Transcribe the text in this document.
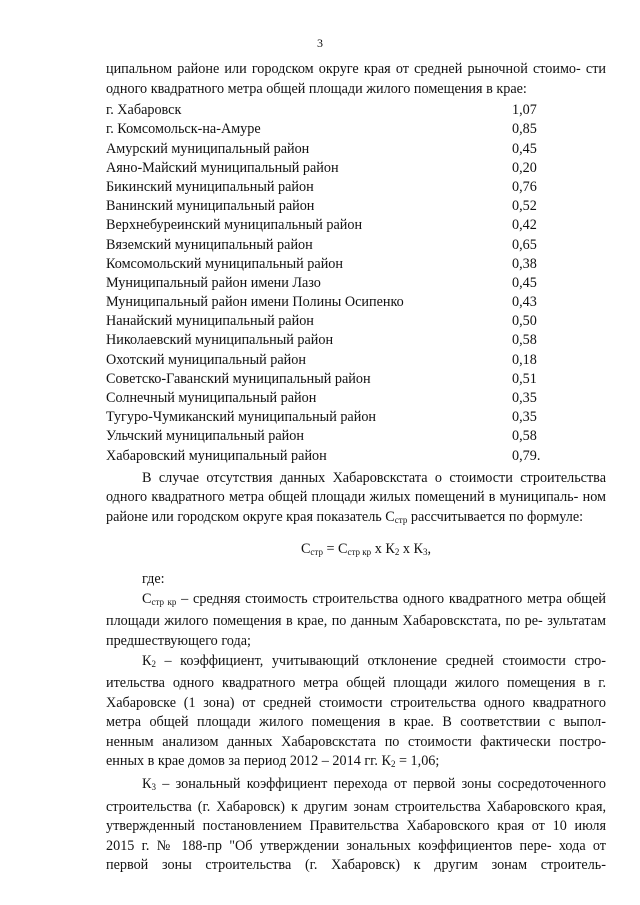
3

ципальном районе или городском округе края от средней рыночной стоимо- сти одного квадратного метра общей площади жилого помещения в крае:

г. Хабаровск	1,07
г. Комсомольск-на-Амуре	0,85
Амурский муниципальный район	0,45
Аяно-Майский муниципальный район	0,20
Бикинский муниципальный район	0,76
Ванинский муниципальный район	0,52
Верхнебуреинский муниципальный район	0,42
Вяземский муниципальный район	0,65
Комсомольский муниципальный район	0,38
Муниципальный район имени Лазо	0,45
Муниципальный район имени Полины Осипенко	0,43
Нанайский муниципальный район	0,50
Николаевский муниципальный район	0,58
Охотский муниципальный район	0,18
Советско-Гаванский муниципальный район	0,51
Солнечный муниципальный район	0,35
Тугуро-Чумиканский муниципальный район	0,35
Ульчский муниципальный район	0,58
Хабаровский муниципальный район	0,79.

В случае отсутствия данных Хабаровскстата о стоимости строительства одного квадратного метра общей площади жилых помещений в муниципаль- ном районе или городском округе края показатель $С_{стр}$ рассчитывается по формуле:

$С_{стр} = С_{стр кр}$ х $К_2$ х $К_3$,

где:

$С_{стр кр}$ – средняя стоимость строительства одного квадратного метра общей площади жилого помещения в крае, по данным Хабаровскстата, по ре- зультатам предшествующего года;

$К_2$ – коэффициент, учитывающий отклонение средней стоимости стро- ительства одного квадратного метра общей площади жилого помещения в г. Хабаровске (1 зона) от средней стоимости строительства одного квадратного метра общей площади жилого помещения в крае. В соответствии с выпол- ненным анализом данных Хабаровскстата по стоимости фактически постро- енных в крае домов за период 2012 – 2014 гг. $К_2 = 1,06$;

$К_3$ – зональный коэффициент перехода от первой зоны сосредоточенного строительства (г. Хабаровск) к другим зонам строительства Хабаровского края, утвержденный постановлением Правительства Хабаровского края от 10 июля 2015 г. № 188-пр "Об утверждении зональных коэффициентов пере- хода от первой зоны строительства (г. Хабаровск) к другим зонам строитель-
